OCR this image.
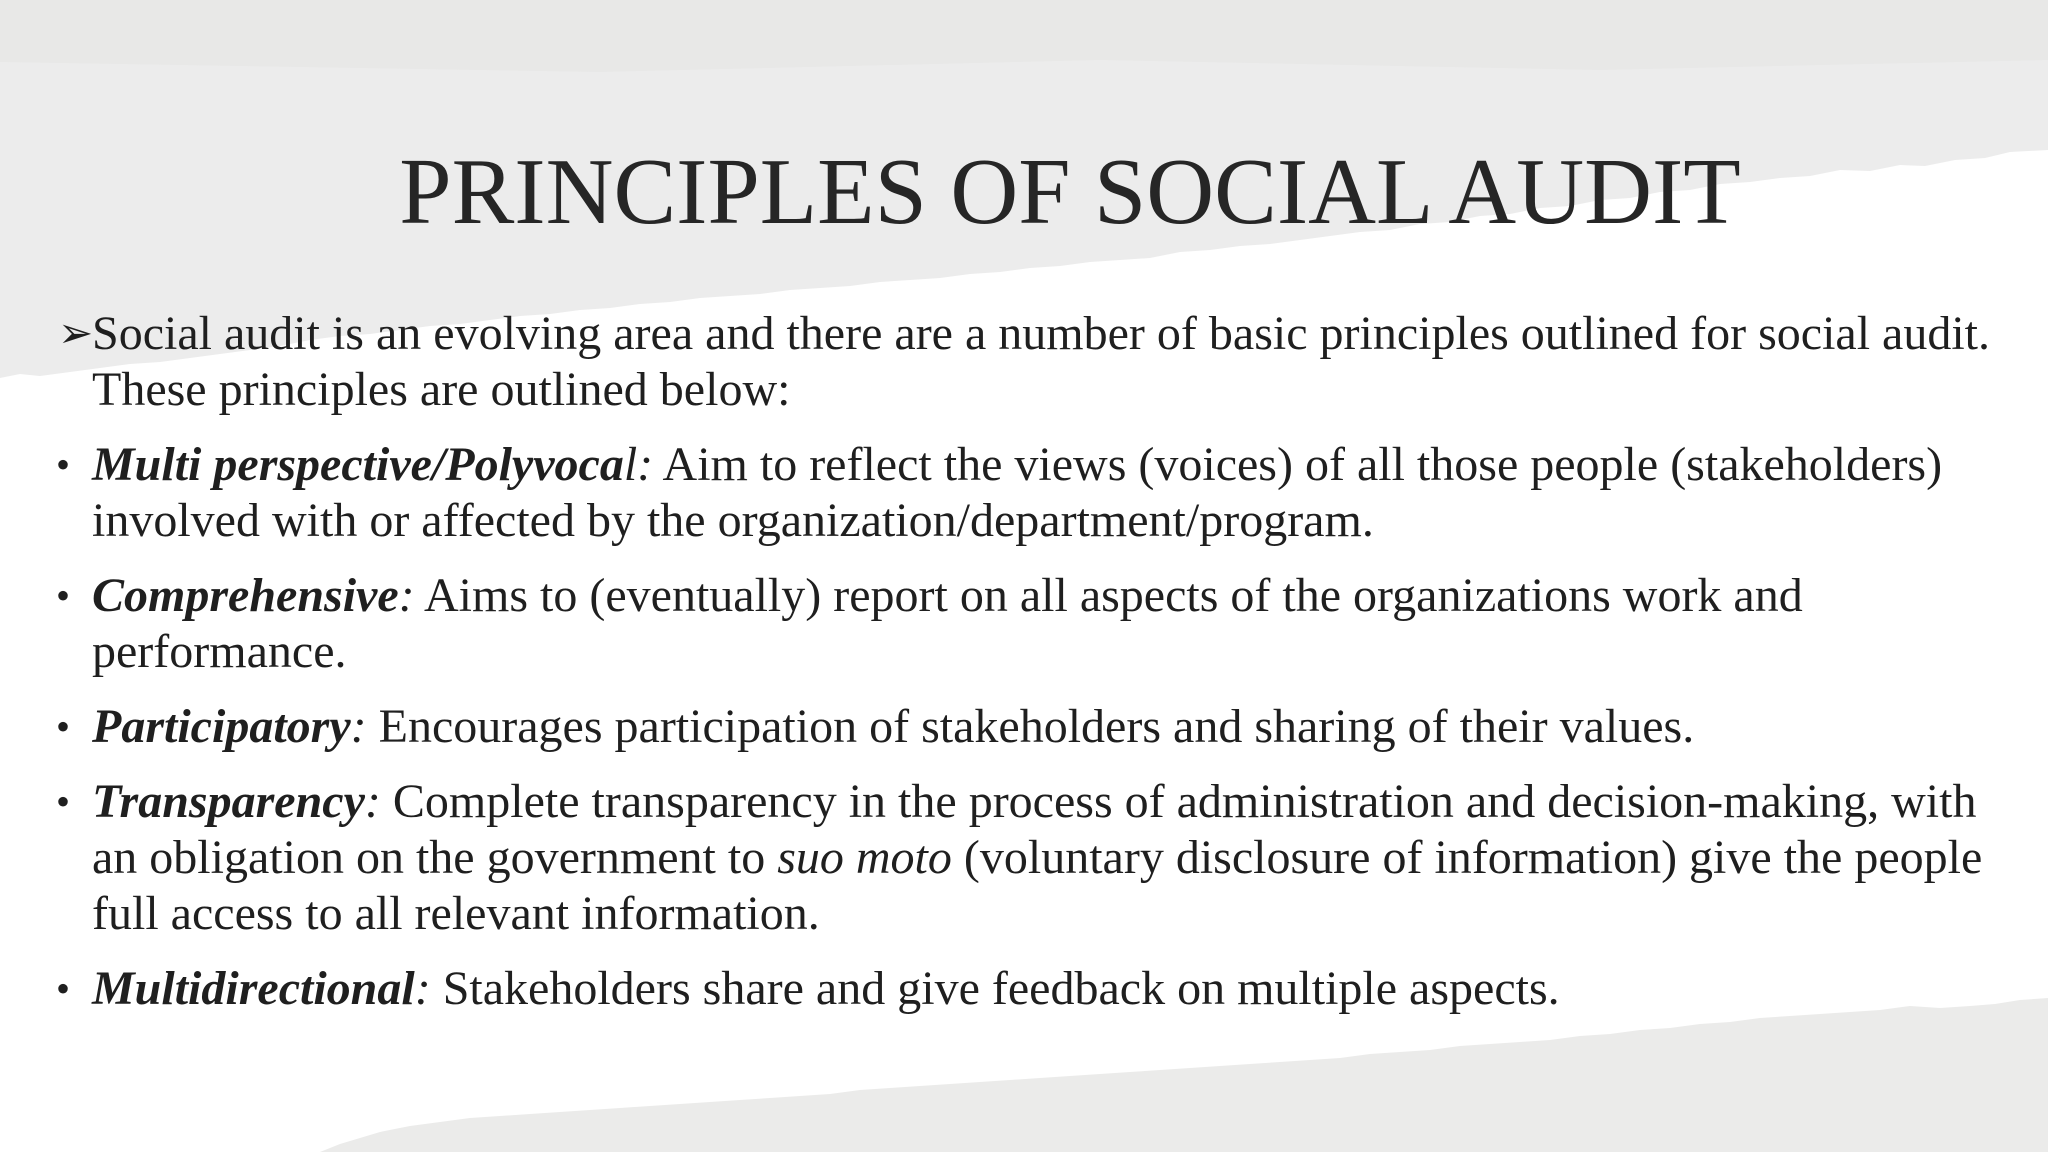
PRINCIPLES OF SOCIAL AUDIT
➢
Social audit is an evolving area and there are a number of basic principles outlined for social audit. These principles are outlined below:
• Multi perspective/Polyvocal: Aim to reflect the views (voices) of all those people (stakeholders) involved with or affected by the organization/department/program.
• Comprehensive: Aims to (eventually) report on all aspects of the organizations work and performance.
• Participatory: Encourages participation of stakeholders and sharing of their values.
• Transparency: Complete transparency in the process of administration and decision-making, with an obligation on the government to suo moto (voluntary disclosure of information) give the people full access to all relevant information.
• Multidirectional: Stakeholders share and give feedback on multiple aspects.
